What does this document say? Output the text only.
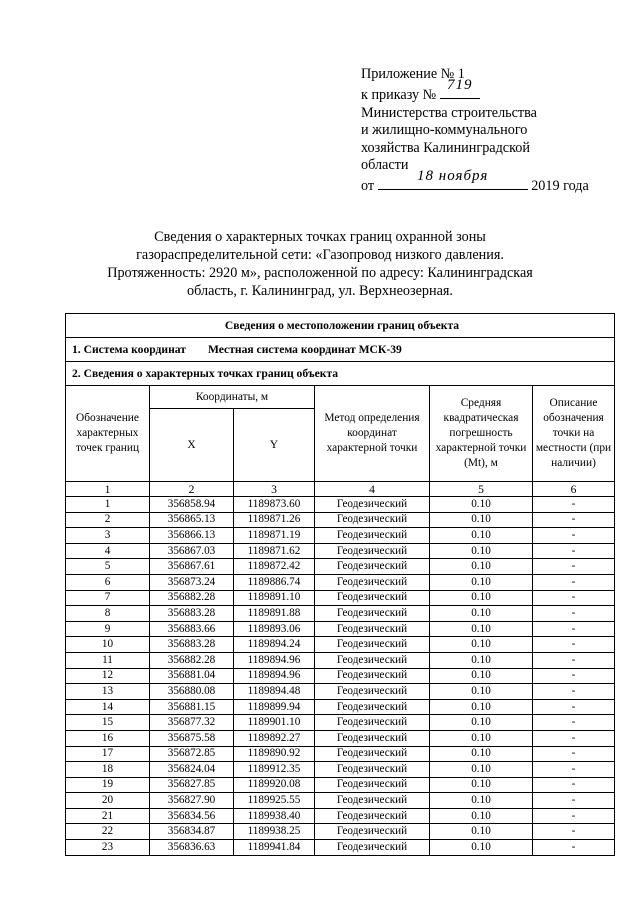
Приложение № 1
к приказу №
719
Министерства строительства
и жилищно-коммунального
хозяйства Калининградской
области
от
18 ноября
2019 года
Сведения о характерных точках границ охранной зоны
газораспределительной сети: «Газопровод низкого давления.
Протяженность: 2920 м», расположенной по адресу: Калининградская
область, г. Калининград, ул. Верхнеозерная.
Сведения о местоположении границ объекта					
1. Система координат Местная система координат МСК-39					
2. Сведения о характерных точках границ объекта					
Обозначение характерных точек границ	Координаты, м		Метод определения координат характерной точки	Средняя квадратическая погрешность характерной точки (Mt), м	Описание обозначения точки на местности (при наличии)
	X	Y			
1	2	3	4	5	6
1	356858.94	1189873.60	Геодезический	0.10	-
2	356865.13	1189871.26	Геодезический	0.10	-
3	356866.13	1189871.19	Геодезический	0.10	-
4	356867.03	1189871.62	Геодезический	0.10	-
5	356867.61	1189872.42	Геодезический	0.10	-
6	356873.24	1189886.74	Геодезический	0.10	-
7	356882.28	1189891.10	Геодезический	0.10	-
8	356883.28	1189891.88	Геодезический	0.10	-
9	356883.66	1189893.06	Геодезический	0.10	-
10	356883.28	1189894.24	Геодезический	0.10	-
11	356882.28	1189894.96	Геодезический	0.10	-
12	356881.04	1189894.96	Геодезический	0.10	-
13	356880.08	1189894.48	Геодезический	0.10	-
14	356881.15	1189899.94	Геодезический	0.10	-
15	356877.32	1189901.10	Геодезический	0.10	-
16	356875.58	1189892.27	Геодезический	0.10	-
17	356872.85	1189890.92	Геодезический	0.10	-
18	356824.04	1189912.35	Геодезический	0.10	-
19	356827.85	1189920.08	Геодезический	0.10	-
20	356827.90	1189925.55	Геодезический	0.10	-
21	356834.56	1189938.40	Геодезический	0.10	-
22	356834.87	1189938.25	Геодезический	0.10	-
23	356836.63	1189941.84	Геодезический	0.10	-
